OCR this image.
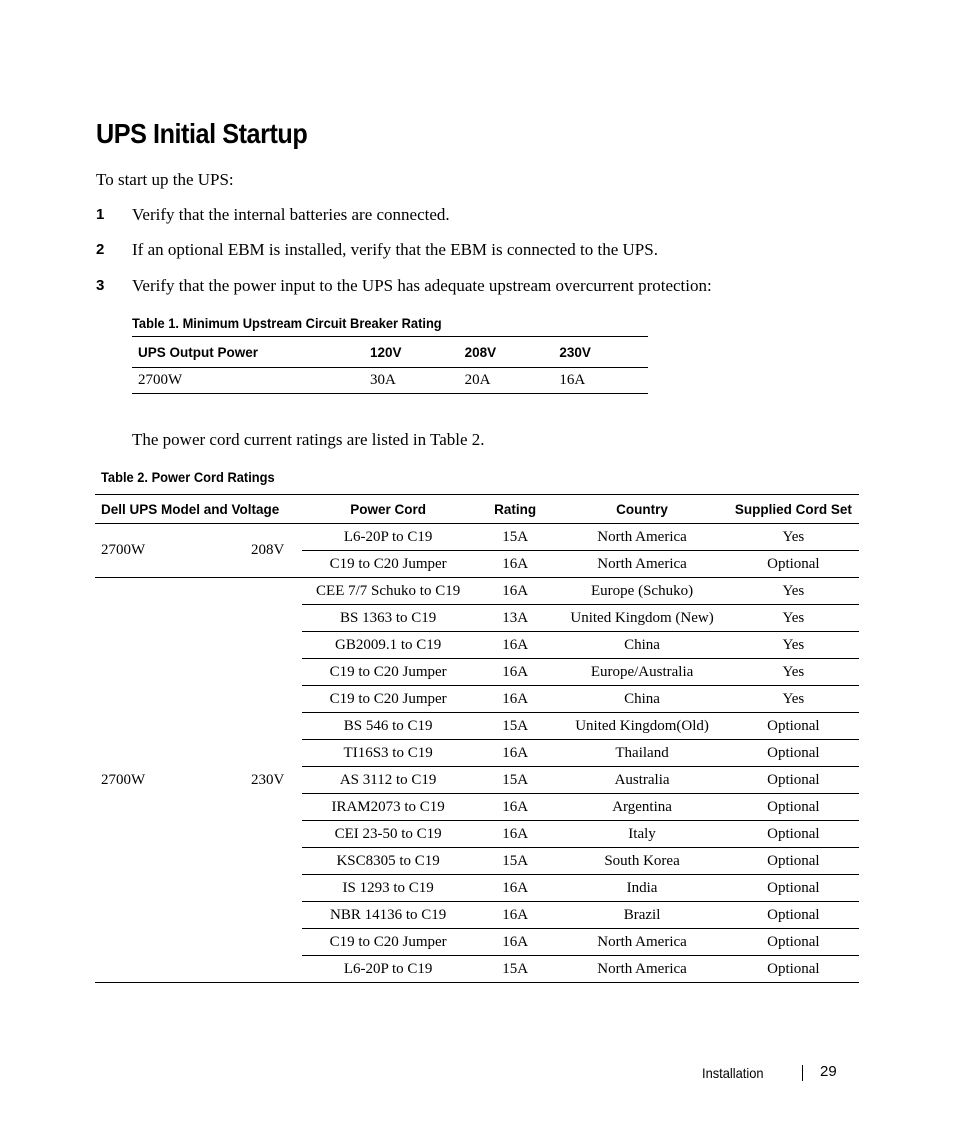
UPS Initial Startup
To start up the UPS:
1 Verify that the internal batteries are connected.
2 If an optional EBM is installed, verify that the EBM is connected to the UPS.
3 Verify that the power input to the UPS has adequate upstream overcurrent protection:
Table 1. Minimum Upstream Circuit Breaker Rating
UPS Output Power	120V	208V	230V
2700W	30A	20A	16A
The power cord current ratings are listed in Table 2.
Table 2. Power Cord Ratings
Dell UPS Model and Voltage		Power Cord	Rating	Country	Supplied Cord Set
2700W	208V	L6-20P to C19	15A	North America	Yes
		C19 to C20 Jumper	16A	North America	Optional
2700W	230V	CEE 7/7 Schuko to C19	16A	Europe (Schuko)	Yes
		BS 1363 to C19	13A	United Kingdom (New)	Yes
		GB2009.1 to C19	16A	China	Yes
		C19 to C20 Jumper	16A	Europe/Australia	Yes
		C19 to C20 Jumper	16A	China	Yes
		BS 546 to C19	15A	United Kingdom(Old)	Optional
		TI16S3 to C19	16A	Thailand	Optional
		AS 3112 to C19	15A	Australia	Optional
		IRAM2073 to C19	16A	Argentina	Optional
		CEI 23-50 to C19	16A	Italy	Optional
		KSC8305 to C19	15A	South Korea	Optional
		IS 1293 to C19	16A	India	Optional
		NBR 14136 to C19	16A	Brazil	Optional
		C19 to C20 Jumper	16A	North America	Optional
		L6-20P to C19	15A	North America	Optional
Installation	29
